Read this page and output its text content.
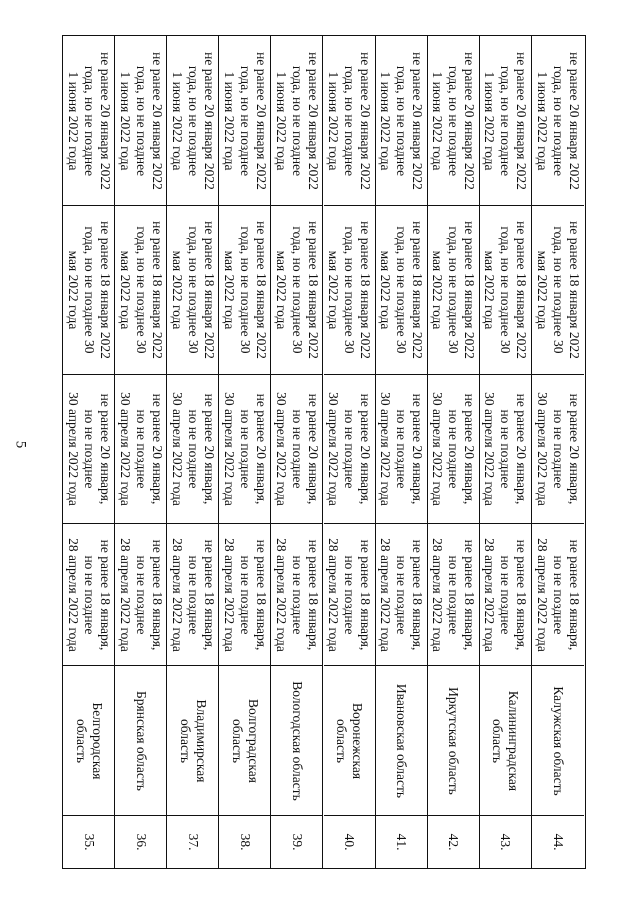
5
не ранее 20 января 2022
года, но не позднее
1 июня 2022 года
не ранее 18 января 2022
года, но не позднее 30
мая 2022 года
не ранее 20 января,
но не позднее
30 апреля 2022 года
не ранее 18 января,
но не позднее
28 апреля 2022 года
Белгородская
область
35.
не ранее 20 января 2022
года, но не позднее
1 июня 2022 года
не ранее 18 января 2022
года, но не позднее 30
мая 2022 года
не ранее 20 января,
но не позднее
30 апреля 2022 года
не ранее 18 января,
но не позднее
28 апреля 2022 года
Брянская область
36.
не ранее 20 января 2022
года, но не позднее
1 июня 2022 года
не ранее 18 января 2022
года, но не позднее 30
мая 2022 года
не ранее 20 января,
но не позднее
30 апреля 2022 года
не ранее 18 января,
но не позднее
28 апреля 2022 года
Владимирская
область
37.
не ранее 20 января 2022
года, но не позднее
1 июня 2022 года
не ранее 18 января 2022
года, но не позднее 30
мая 2022 года
не ранее 20 января,
но не позднее
30 апреля 2022 года
не ранее 18 января,
но не позднее
28 апреля 2022 года
Волгоградская
область
38.
не ранее 20 января 2022
года, но не позднее
1 июня 2022 года
не ранее 18 января 2022
года, но не позднее 30
мая 2022 года
не ранее 20 января,
но не позднее
30 апреля 2022 года
не ранее 18 января,
но не позднее
28 апреля 2022 года
Вологодская область
39.
не ранее 20 января 2022
года, но не позднее
1 июня 2022 года
не ранее 18 января 2022
года, но не позднее 30
мая 2022 года
не ранее 20 января,
но не позднее
30 апреля 2022 года
не ранее 18 января,
но не позднее
28 апреля 2022 года
Воронежская
область
40.
не ранее 20 января 2022
года, но не позднее
1 июня 2022 года
не ранее 18 января 2022
года, но не позднее 30
мая 2022 года
не ранее 20 января,
но не позднее
30 апреля 2022 года
не ранее 18 января,
но не позднее
28 апреля 2022 года
Ивановская область
41.
не ранее 20 января 2022
года, но не позднее
1 июня 2022 года
не ранее 18 января 2022
года, но не позднее 30
мая 2022 года
не ранее 20 января,
но не позднее
30 апреля 2022 года
не ранее 18 января,
но не позднее
28 апреля 2022 года
Иркутская область
42.
не ранее 20 января 2022
года, но не позднее
1 июня 2022 года
не ранее 18 января 2022
года, но не позднее 30
мая 2022 года
не ранее 20 января,
но не позднее
30 апреля 2022 года
не ранее 18 января,
но не позднее
28 апреля 2022 года
Калининградская
область
43.
не ранее 20 января 2022
года, но не позднее
1 июня 2022 года
не ранее 18 января 2022
года, но не позднее 30
мая 2022 года
не ранее 20 января,
но не позднее
30 апреля 2022 года
не ранее 18 января,
но не позднее
28 апреля 2022 года
Калужская область
44.
